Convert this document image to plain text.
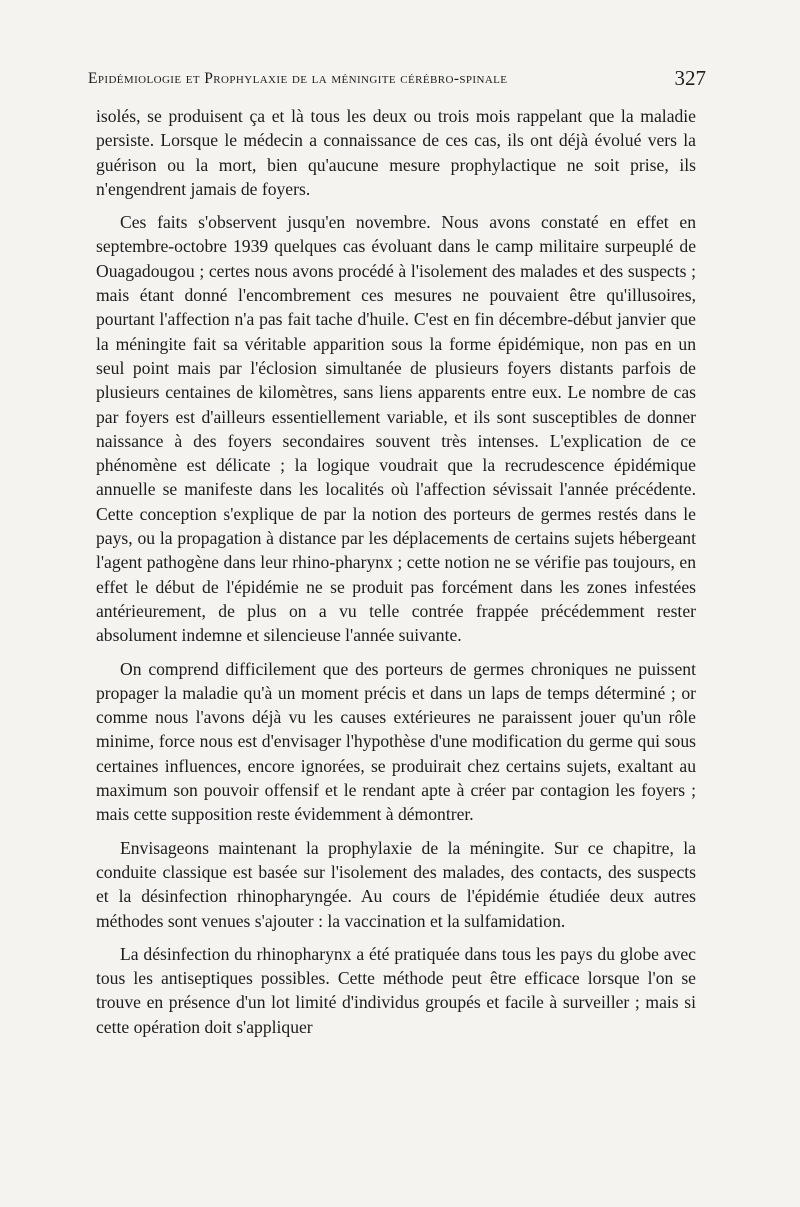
Epidémiologie et Prophylaxie de la méningite cérébro-spinale	327

isolés, se produisent ça et là tous les deux ou trois mois rappelant que la maladie persiste. Lorsque le médecin a connaissance de ces cas, ils ont déjà évolué vers la guérison ou la mort, bien qu'aucune mesure prophylactique ne soit prise, ils n'engendrent jamais de foyers.

Ces faits s'observent jusqu'en novembre. Nous avons constaté en effet en septembre-octobre 1939 quelques cas évoluant dans le camp militaire surpeuplé de Ouagadougou ; certes nous avons procédé à l'isolement des malades et des suspects ; mais étant donné l'encombrement ces mesures ne pouvaient être qu'illusoires, pourtant l'affection n'a pas fait tache d'huile. C'est en fin décembre-début janvier que la méningite fait sa véritable apparition sous la forme épidémique, non pas en un seul point mais par l'éclosion simultanée de plusieurs foyers distants parfois de plusieurs centaines de kilomètres, sans liens apparents entre eux. Le nombre de cas par foyers est d'ailleurs essentiellement variable, et ils sont susceptibles de donner naissance à des foyers secondaires souvent très intenses. L'explication de ce phénomène est délicate ; la logique voudrait que la recrudescence épidémique annuelle se manifeste dans les localités où l'affection sévissait l'année précédente. Cette conception s'explique de par la notion des porteurs de germes restés dans le pays, ou la propagation à distance par les déplacements de certains sujets hébergeant l'agent pathogène dans leur rhino-pharynx ; cette notion ne se vérifie pas toujours, en effet le début de l'épidémie ne se produit pas forcément dans les zones infestées antérieurement, de plus on a vu telle contrée frappée précédemment rester absolument indemne et silencieuse l'année suivante.

On comprend difficilement que des porteurs de germes chroniques ne puissent propager la maladie qu'à un moment précis et dans un laps de temps déterminé ; or comme nous l'avons déjà vu les causes extérieures ne paraissent jouer qu'un rôle minime, force nous est d'envisager l'hypothèse d'une modification du germe qui sous certaines influences, encore ignorées, se produirait chez certains sujets, exaltant au maximum son pouvoir offensif et le rendant apte à créer par contagion les foyers ; mais cette supposition reste évidemment à démontrer.

Envisageons maintenant la prophylaxie de la méningite. Sur ce chapitre, la conduite classique est basée sur l'isolement des malades, des contacts, des suspects et la désinfection rhinopharyngée. Au cours de l'épidémie étudiée deux autres méthodes sont venues s'ajouter : la vaccination et la sulfamidation.

La désinfection du rhinopharynx a été pratiquée dans tous les pays du globe avec tous les antiseptiques possibles. Cette méthode peut être efficace lorsque l'on se trouve en présence d'un lot limité d'individus groupés et facile à surveiller ; mais si cette opération doit s'appliquer
